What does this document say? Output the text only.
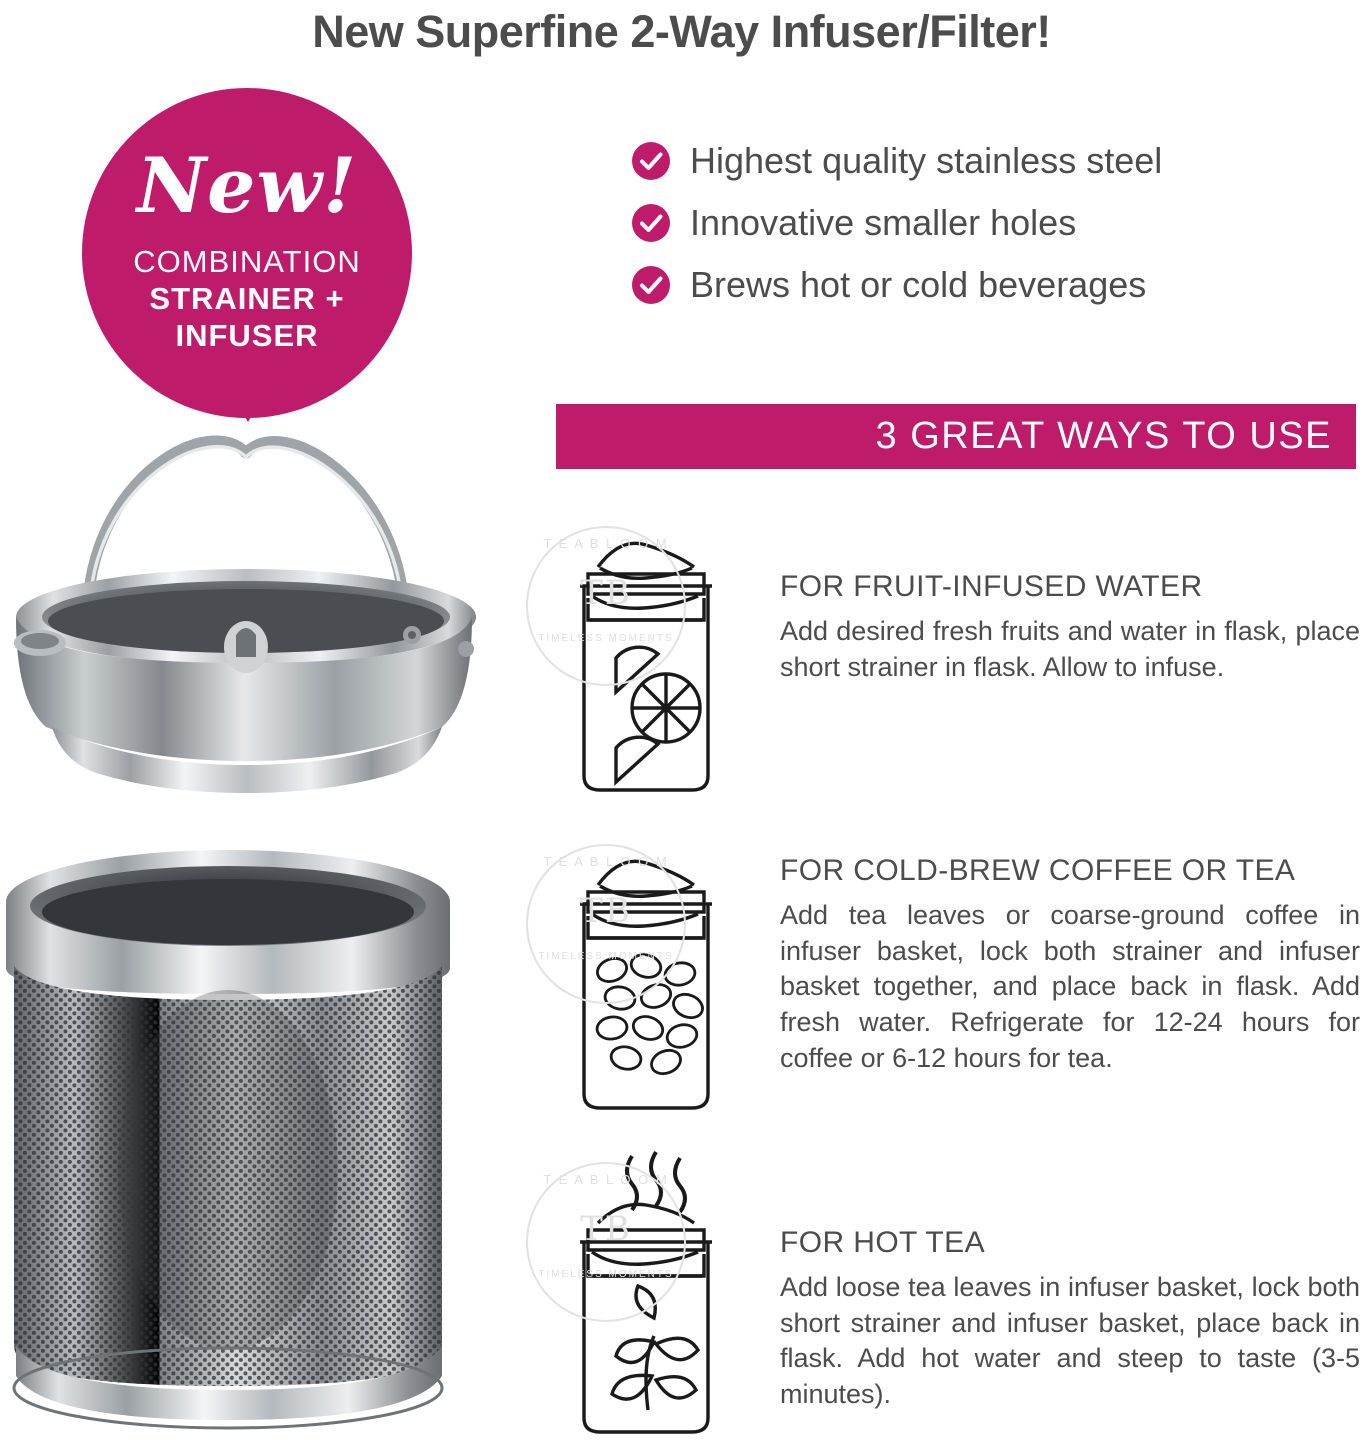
New Superfine 2-Way Infuser/Filter!
New!
COMBINATION
STRAINER +
INFUSER
Highest quality stainless steel
Innovative smaller holes
Brews hot or cold beverages
3 GREAT WAYS TO USE
T E A B L O O M
TB
TIMELESS MOMENTS
FOR FRUIT-INFUSED WATER
Add desired fresh fruits and water in flask, place short strainer in flask. Allow to infuse.
T E A B L O O M
TB
TIMELESS MOMENTS
FOR COLD-BREW COFFEE OR TEA
Add tea leaves or coarse-ground coffee in infuser basket, lock both strainer and infuser basket together, and place back in flask. Add fresh water. Refrigerate for 12-24 hours for coffee or 6-12 hours for tea.
T E A B L O O M
TB
TIMELESS MOMENTS
FOR HOT TEA
Add loose tea leaves in infuser basket, lock both short strainer and infuser basket, place back in flask. Add hot water and steep to taste (3-5 minutes).
